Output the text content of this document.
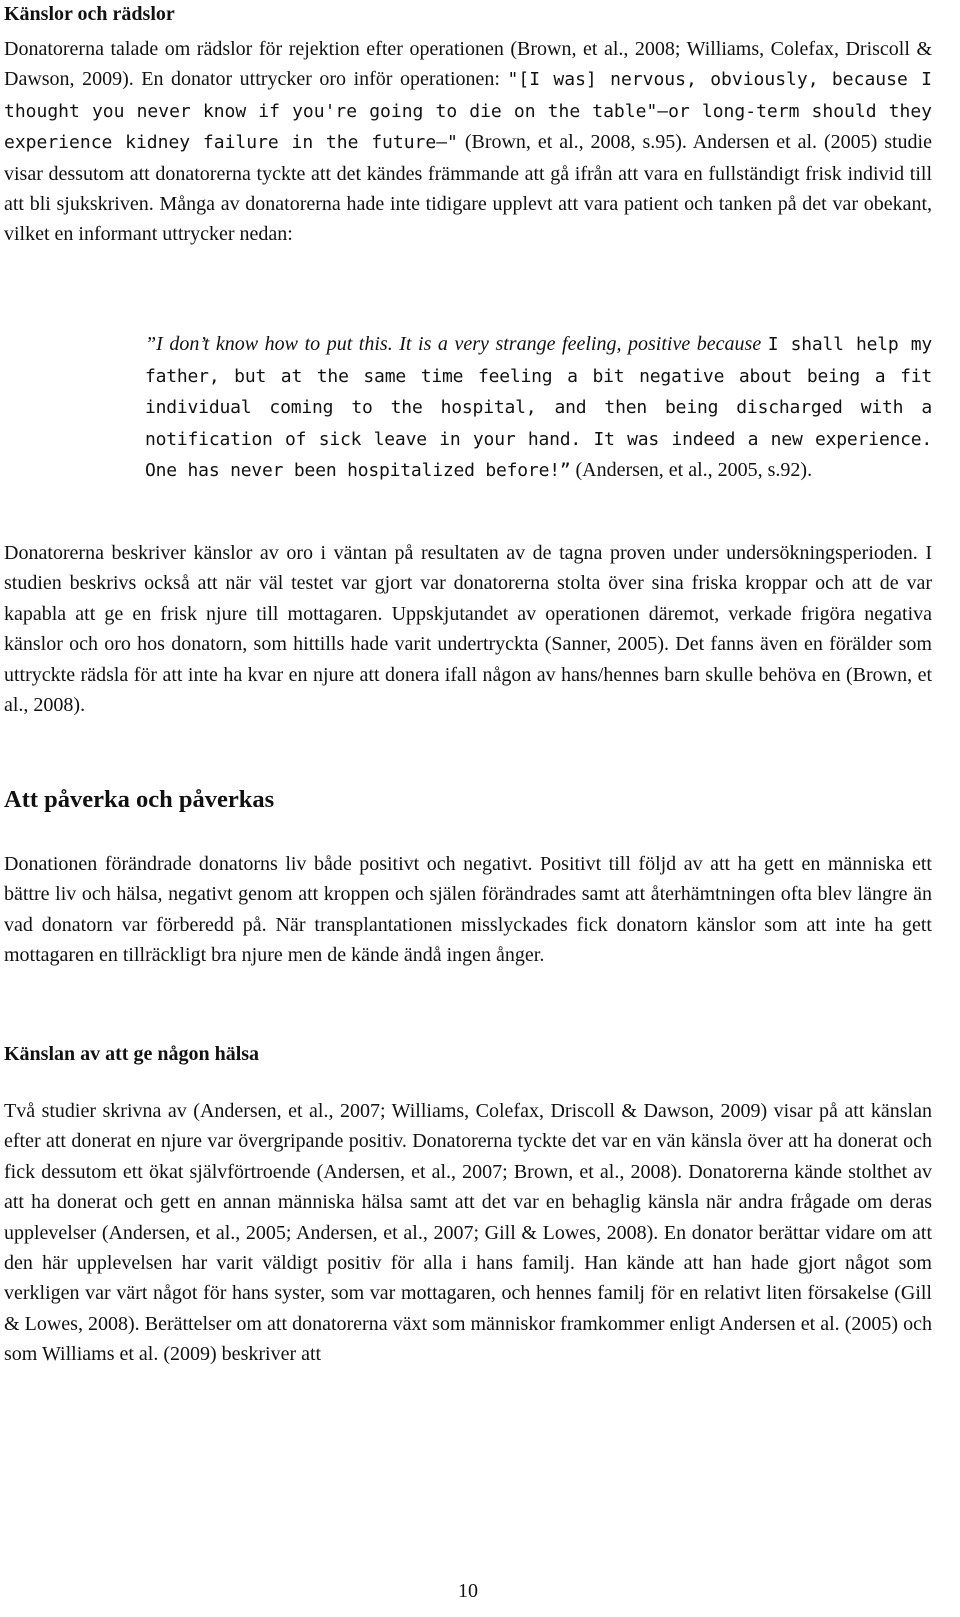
Känslor och rädslor

Donatorerna talade om rädslor för rejektion efter operationen (Brown, et al., 2008; Williams, Colefax, Driscoll & Dawson, 2009). En donator uttrycker oro inför operationen: "[I was] nervous, obviously, because I thought you never know if you're going to die on the table"—or long-term should they experience kidney failure in the future—" (Brown, et al., 2008, s.95). Andersen et al. (2005) studie visar dessutom att donatorerna tyckte att det kändes främmande att gå ifrån att vara en fullständigt frisk individ till att bli sjukskriven. Många av donatorerna hade inte tidigare upplevt att vara patient och tanken på det var obekant, vilket en informant uttrycker nedan:

”I don’t know how to put this. It is a very strange feeling, positive because I shall help my father, but at the same time feeling a bit negative about being a fit individual coming to the hospital, and then being discharged with a notification of sick leave in your hand. It was indeed a new experience. One has never been hospitalized before!” (Andersen, et al., 2005, s.92).

Donatorerna beskriver känslor av oro i väntan på resultaten av de tagna proven under undersökningsperioden. I studien beskrivs också att när väl testet var gjort var donatorerna stolta över sina friska kroppar och att de var kapabla att ge en frisk njure till mottagaren. Uppskjutandet av operationen däremot, verkade frigöra negativa känslor och oro hos donatorn, som hittills hade varit undertryckta (Sanner, 2005). Det fanns även en förälder som uttryckte rädsla för att inte ha kvar en njure att donera ifall någon av hans/hennes barn skulle behöva en (Brown, et al., 2008).

Att påverka och påverkas

Donationen förändrade donatorns liv både positivt och negativt. Positivt till följd av att ha gett en människa ett bättre liv och hälsa, negativt genom att kroppen och själen förändrades samt att återhämtningen ofta blev längre än vad donatorn var förberedd på. När transplantationen misslyckades fick donatorn känslor som att inte ha gett mottagaren en tillräckligt bra njure men de kände ändå ingen ånger.

Känslan av att ge någon hälsa

Två studier skrivna av (Andersen, et al., 2007; Williams, Colefax, Driscoll & Dawson, 2009) visar på att känslan efter att donerat en njure var övergripande positiv. Donatorerna tyckte det var en vän känsla över att ha donerat och fick dessutom ett ökat självförtroende (Andersen, et al., 2007; Brown, et al., 2008). Donatorerna kände stolthet av att ha donerat och gett en annan människa hälsa samt att det var en behaglig känsla när andra frågade om deras upplevelser (Andersen, et al., 2005; Andersen, et al., 2007; Gill & Lowes, 2008). En donator berättar vidare om att den här upplevelsen har varit väldigt positiv för alla i hans familj. Han kände att han hade gjort något som verkligen var värt något för hans syster, som var mottagaren, och hennes familj för en relativt liten försakelse (Gill & Lowes, 2008). Berättelser om att donatorerna växt som människor framkommer enligt Andersen et al. (2005) och som Williams et al. (2009) beskriver att

10
